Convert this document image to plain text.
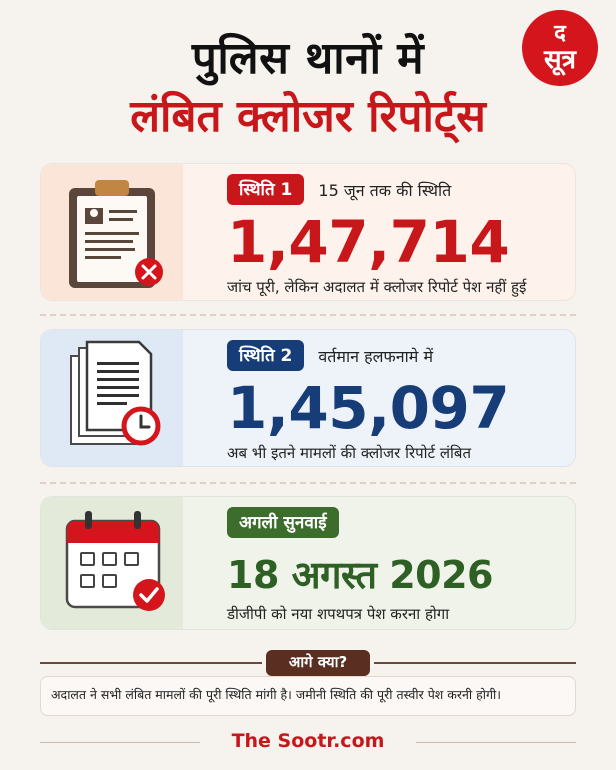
पुलिस थानों में
लंबित क्लोजर रिपोर्ट्स
द
सूत्र
स्थिति 1 15 जून तक की स्थिति
1,47,714
जांच पूरी, लेकिन अदालत में क्लोजर रिपोर्ट पेश नहीं हुई
स्थिति 2 वर्तमान हलफनामे में
1,45,097
अब भी इतने मामलों की क्लोजर रिपोर्ट लंबित
अगली सुनवाई
18 अगस्त 2026
डीजीपी को नया शपथपत्र पेश करना होगा
आगे क्या?
अदालत ने सभी लंबित मामलों की पूरी स्थिति मांगी है। जमीनी स्थिति की पूरी तस्वीर पेश करनी होगी।
The Sootr.com
